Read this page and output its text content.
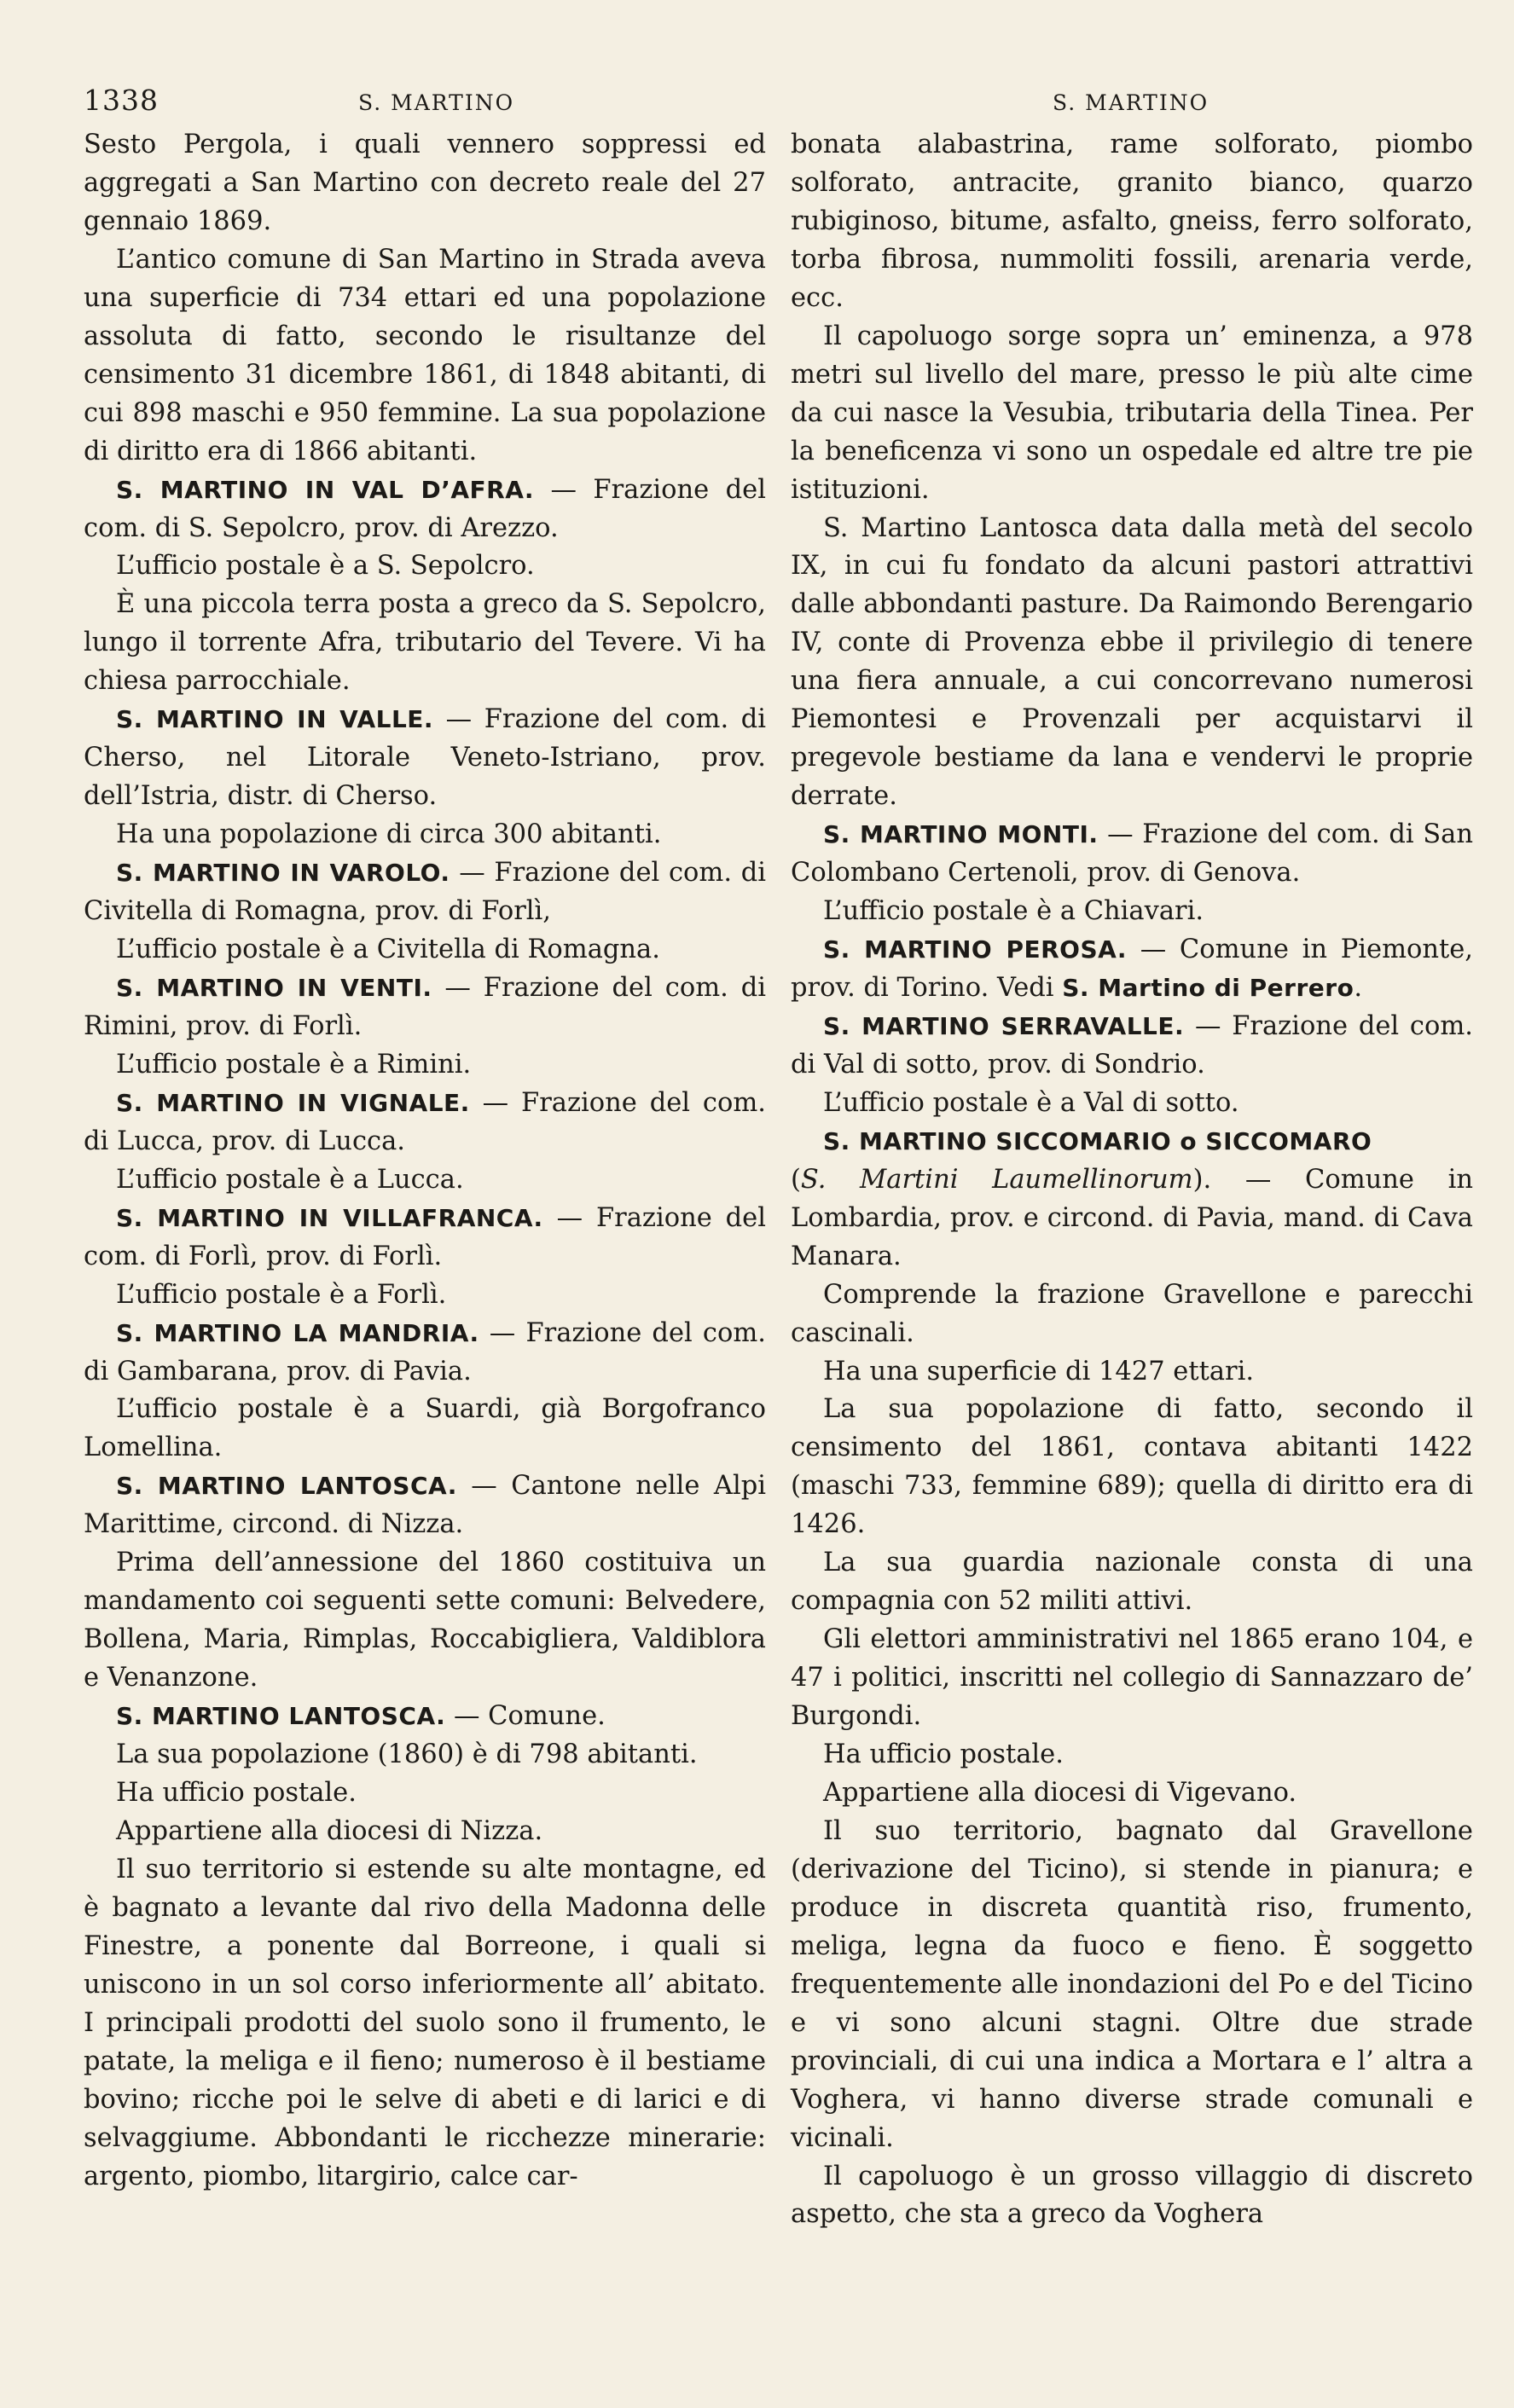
1338	S. MARTINO	S. MARTINO

Sesto Pergola, i quali vennero soppressi ed aggregati a San Martino con decreto reale del 27 gennaio 1869.

L’antico comune di San Martino in Strada aveva una superficie di 734 ettari ed una popolazione assoluta di fatto, secondo le risultanze del censimento 31 dicembre 1861, di 1848 abitanti, di cui 898 maschi e 950 femmine. La sua popolazione di diritto era di 1866 abitanti.

S. MARTINO IN VAL D’AFRA. — Frazione del com. di S. Sepolcro, prov. di Arezzo.

L’ufficio postale è a S. Sepolcro.

È una piccola terra posta a greco da S. Sepolcro, lungo il torrente Afra, tributario del Tevere. Vi ha chiesa parrocchiale.

S. MARTINO IN VALLE. — Frazione del com. di Cherso, nel Litorale Veneto-Istriano, prov. dell’Istria, distr. di Cherso.

Ha una popolazione di circa 300 abitanti.

S. MARTINO IN VAROLO. — Frazione del com. di Civitella di Romagna, prov. di Forlì,

L’ufficio postale è a Civitella di Romagna.

S. MARTINO IN VENTI. — Frazione del com. di Rimini, prov. di Forlì.

L’ufficio postale è a Rimini.

S. MARTINO IN VIGNALE. — Frazione del com. di Lucca, prov. di Lucca.

L’ufficio postale è a Lucca.

S. MARTINO IN VILLAFRANCA. — Frazione del com. di Forlì, prov. di Forlì.

L’ufficio postale è a Forlì.

S. MARTINO LA MANDRIA. — Frazione del com. di Gambarana, prov. di Pavia.

L’ufficio postale è a Suardi, già Borgofranco Lomellina.

S. MARTINO LANTOSCA. — Cantone nelle Alpi Marittime, circond. di Nizza.

Prima dell’annessione del 1860 costituiva un mandamento coi seguenti sette comuni: Belvedere, Bollena, Maria, Rimplas, Roccabigliera, Valdiblora e Venanzone.

S. MARTINO LANTOSCA. — Comune.

La sua popolazione (1860) è di 798 abitanti.

Ha ufficio postale.

Appartiene alla diocesi di Nizza.

Il suo territorio si estende su alte montagne, ed è bagnato a levante dal rivo della Madonna delle Finestre, a ponente dal Borreone, i quali si uniscono in un sol corso inferiormente all’ abitato. I principali prodotti del suolo sono il frumento, le patate, la meliga e il fieno; numeroso è il bestiame bovino; ricche poi le selve di abeti e di larici e di selvaggiume. Abbondanti le ricchezze minerarie: argento, piombo, litargirio, calce car-

bonata alabastrina, rame solforato, piombo solforato, antracite, granito bianco, quarzo rubiginoso, bitume, asfalto, gneiss, ferro solforato, torba fibrosa, nummoliti fossili, arenaria verde, ecc.

Il capoluogo sorge sopra un’ eminenza, a 978 metri sul livello del mare, presso le più alte cime da cui nasce la Vesubia, tributaria della Tinea. Per la beneficenza vi sono un ospedale ed altre tre pie istituzioni.

S. Martino Lantosca data dalla metà del secolo IX, in cui fu fondato da alcuni pastori attrattivi dalle abbondanti pasture. Da Raimondo Berengario IV, conte di Provenza ebbe il privilegio di tenere una fiera annuale, a cui concorrevano numerosi Piemontesi e Provenzali per acquistarvi il pregevole bestiame da lana e vendervi le proprie derrate.

S. MARTINO MONTI. — Frazione del com. di San Colombano Certenoli, prov. di Genova.

L’ufficio postale è a Chiavari.

S. MARTINO PEROSA. — Comune in Piemonte, prov. di Torino. Vedi S. Martino di Perrero.

S. MARTINO SERRAVALLE. — Frazione del com. di Val di sotto, prov. di Sondrio.

L’ufficio postale è a Val di sotto.

S. MARTINO SICCOMARIO o SICCOMARO
(S. Martini Laumellinorum). — Comune in Lombardia, prov. e circond. di Pavia, mand. di Cava Manara.

Comprende la frazione Gravellone e parecchi cascinali.

Ha una superficie di 1427 ettari.

La sua popolazione di fatto, secondo il censimento del 1861, contava abitanti 1422 (maschi 733, femmine 689); quella di diritto era di 1426.

La sua guardia nazionale consta di una compagnia con 52 militi attivi.

Gli elettori amministrativi nel 1865 erano 104, e 47 i politici, inscritti nel collegio di Sannazzaro de’ Burgondi.

Ha ufficio postale.

Appartiene alla diocesi di Vigevano.

Il suo territorio, bagnato dal Gravellone (derivazione del Ticino), si stende in pianura; e produce in discreta quantità riso, frumento, meliga, legna da fuoco e fieno. È soggetto frequentemente alle inondazioni del Po e del Ticino e vi sono alcuni stagni. Oltre due strade provinciali, di cui una indica a Mortara e l’ altra a Voghera, vi hanno diverse strade comunali e vicinali.

Il capoluogo è un grosso villaggio di discreto aspetto, che sta a greco da Voghera
